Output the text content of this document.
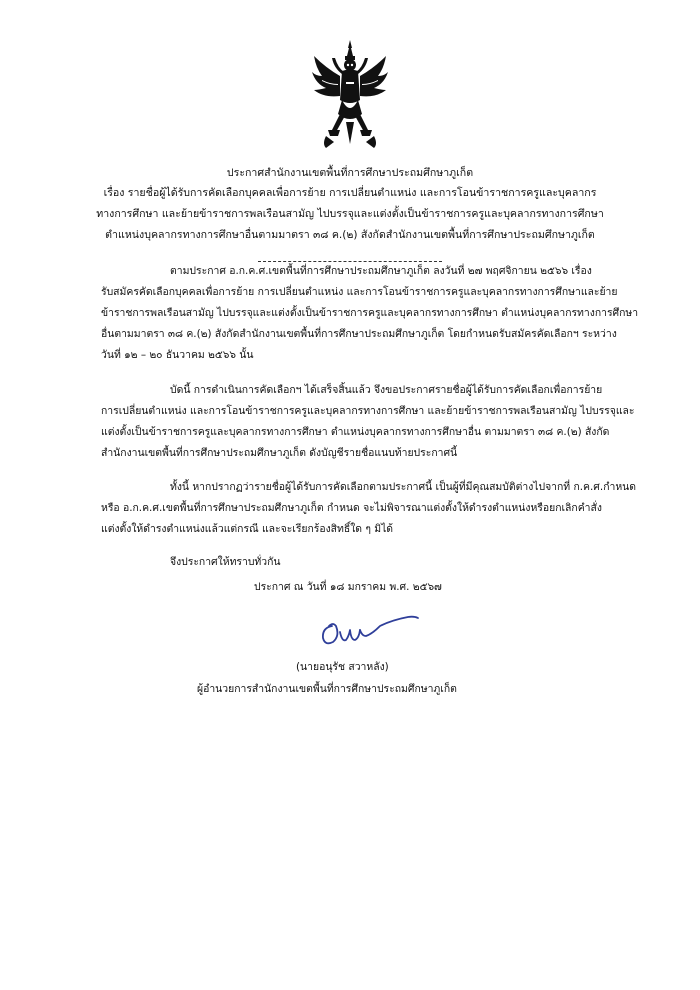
ประกาศสำนักงานเขตพื้นที่การศึกษาประถมศึกษาภูเก็ต
เรื่อง รายชื่อผู้ได้รับการคัดเลือกบุคคลเพื่อการย้าย การเปลี่ยนตำแหน่ง และการโอนข้าราชการครูและบุคลากร
ทางการศึกษา และย้ายข้าราชการพลเรือนสามัญ ไปบรรจุและแต่งตั้งเป็นข้าราชการครูและบุคลากรทางการศึกษา
ตำแหน่งบุคลากรทางการศึกษาอื่นตามมาตรา ๓๘ ค.(๒) สังกัดสำนักงานเขตพื้นที่การศึกษาประถมศึกษาภูเก็ต
ตามประกาศ อ.ก.ค.ศ.เขตพื้นที่การศึกษาประถมศึกษาภูเก็ต ลงวันที่ ๒๗ พฤศจิกายน ๒๕๖๖ เรื่อง
รับสมัครคัดเลือกบุคคลเพื่อการย้าย การเปลี่ยนตำแหน่ง และการโอนข้าราชการครูและบุคลากรทางการศึกษาและย้าย
ข้าราชการพลเรือนสามัญ ไปบรรจุและแต่งตั้งเป็นข้าราชการครูและบุคลากรทางการศึกษา ตำแหน่งบุคลากรทางการศึกษา
อื่นตามมาตรา ๓๘ ค.(๒) สังกัดสำนักงานเขตพื้นที่การศึกษาประถมศึกษาภูเก็ต โดยกำหนดรับสมัครคัดเลือกฯ ระหว่าง
วันที่ ๑๒ – ๒๐ ธันวาคม ๒๕๖๖ นั้น
บัดนี้ การดำเนินการคัดเลือกฯ ได้เสร็จสิ้นแล้ว จึงขอประกาศรายชื่อผู้ได้รับการคัดเลือกเพื่อการย้าย
การเปลี่ยนตำแหน่ง และการโอนข้าราชการครูและบุคลากรทางการศึกษา และย้ายข้าราชการพลเรือนสามัญ ไปบรรจุและ
แต่งตั้งเป็นข้าราชการครูและบุคลากรทางการศึกษา ตำแหน่งบุคลากรทางการศึกษาอื่น ตามมาตรา ๓๘ ค.(๒) สังกัด
สำนักงานเขตพื้นที่การศึกษาประถมศึกษาภูเก็ต ดังบัญชีรายชื่อแนบท้ายประกาศนี้
ทั้งนี้ หากปรากฏว่ารายชื่อผู้ได้รับการคัดเลือกตามประกาศนี้ เป็นผู้ที่มีคุณสมบัติต่างไปจากที่ ก.ค.ศ.กำหนด
หรือ อ.ก.ค.ศ.เขตพื้นที่การศึกษาประถมศึกษาภูเก็ต กำหนด จะไม่พิจารณาแต่งตั้งให้ดำรงตำแหน่งหรือยกเลิกคำสั่ง
แต่งตั้งให้ดำรงตำแหน่งแล้วแต่กรณี และจะเรียกร้องสิทธิ์ใด ๆ มิได้
จึงประกาศให้ทราบทั่วกัน
ประกาศ ณ วันที่ ๑๘ มกราคม พ.ศ. ๒๕๖๗
(นายอนุรัช สวาหลัง)
ผู้อำนวยการสำนักงานเขตพื้นที่การศึกษาประถมศึกษาภูเก็ต
